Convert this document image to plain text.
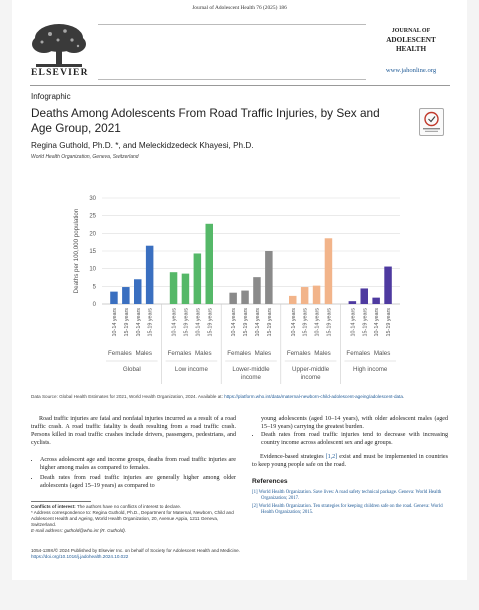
Journal of Adolescent Health 76 (2025) 186
ELSEVIER
JOURNAL OF
ADOLESCENT
HEALTH
www.jahonline.org
Infographic
Deaths Among Adolescents From Road Traffic Injuries, by Sex and Age Group, 2021
Regina Guthold, Ph.D. *, and Meleckidzedeck Khayesi, Ph.D.
World Health Organization, Geneva, Switzerland
0
5
10
15
20
25
30
Deaths per 100,000 population
10-14 years 15-19 years
Females
10-14 years 15-19 years
Males
Global
10-14 years 15-19 years
Females
10-14 years 15-19 years
Males
Low income
10-14 years 15-19 years
Females
10-14 years 15-19 years
Males
Lower-middle
income
10-14 years 15-19 years
Females
10-14 years 15-19 years
Males
Upper-middle
income
10-14 years 15-19 years
Females
10-14 years 15-19 years
Males
High income
Data Source: Global Health Estimates for 2021, World Health Organization, 2024. Available at: https://platform.who.int/data/maternal-newborn-child-adolescent-ageing/adolescent-data.

Road traffic injuries are fatal and nonfatal injuries incurred as a result of a road traffic crash. A road traffic fatality is death resulting from a road traffic crash. Persons killed in road traffic crashes include drivers, passengers, pedestrians, and cyclists.

• Across adolescent age and income groups, deaths from road traffic injuries are higher among males as compared to females.
• Death rates from road traffic injuries are generally higher among older adolescents (aged 15–19 years) as compared to
young adolescents (aged 10–14 years), with older adolescent males (aged 15–19 years) carrying the greatest burden.
• Death rates from road traffic injuries tend to decrease with increasing country income across adolescent sex and age groups.

Evidence-based strategies [1,2] exist and must be implemented in countries to keep young people safe on the road.

References
[1] World Health Organization. Save lives: A road safety technical package. Geneva: World Health Organization; 2017.
[2] World Health Organization. Ten strategies for keeping children safe on the road. Geneva: World Health Organization; 2015.
Conflicts of interest: The authors have no conflicts of interest to declare.
* Address correspondence to: Regina Guthold, Ph.D., Department for Maternal, Newborn, Child and Adolescent Health and Ageing, World Health Organization, 20, Avenue Appia, 1211 Geneva, Switzerland.
E-mail address: guthold@who.int (R. Guthold).
1054-139X/© 2024 Published by Elsevier Inc. on behalf of Society for Adolescent Health and Medicine.
https://doi.org/10.1016/j.jadohealth.2024.10.022
